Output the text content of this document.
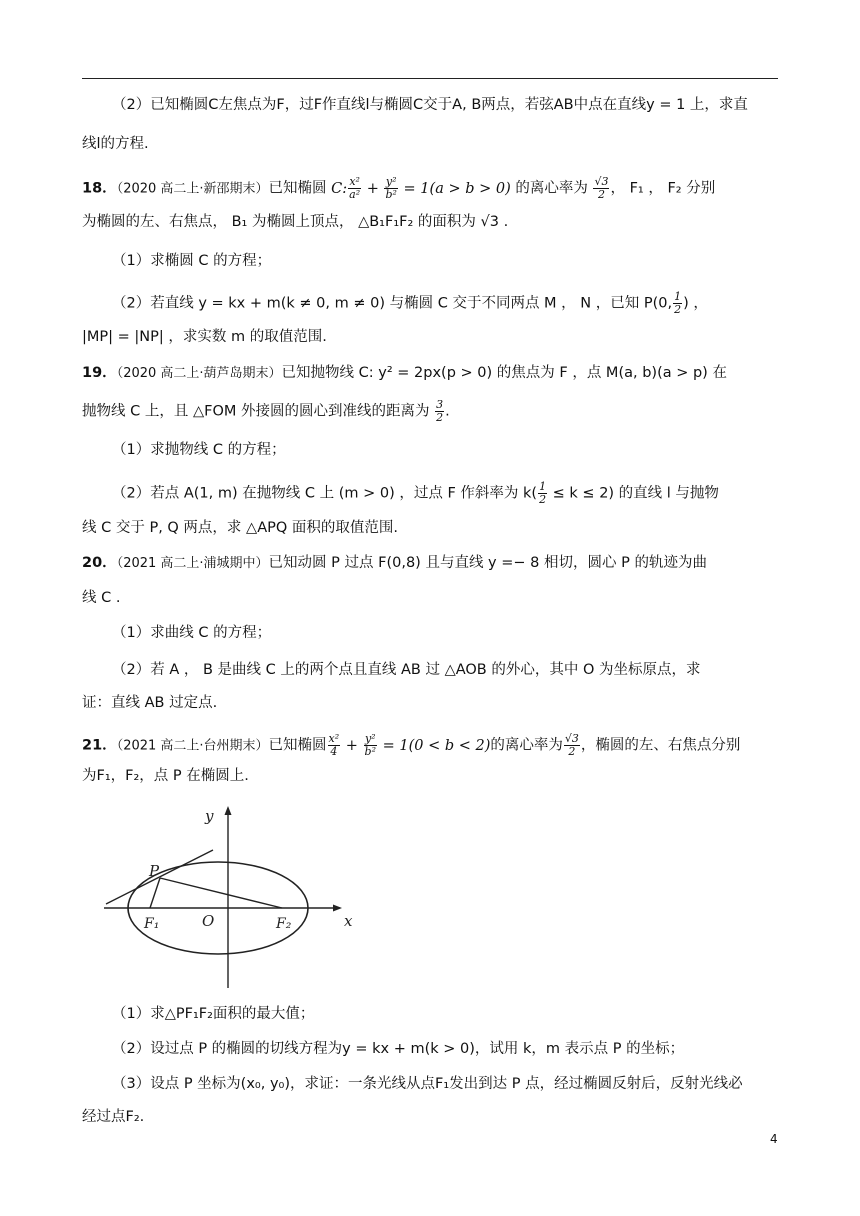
（2）已知椭圆C左焦点为F，过F作直线l与椭圆C交于A, B两点，若弦AB中点在直线y = 1 上，求直
线l的方程.
18．（2020 高二上·新邵期末）已知椭圆 C: $\frac{\text{x²}}{\text{a²}} + \frac{\text{y²}}{\text{b²}} = 1(a > b > 0)$ 的离心率为 $\frac{√3}{2}$ ， F₁ ， F₂ 分别
为椭圆的左、右焦点， B₁ 为椭圆上顶点， △B₁F₁F₂ 的面积为 √3 .
（1）求椭圆 C 的方程；
（2）若直线 y = kx + m(k ≠ 0, m ≠ 0) 与椭圆 C 交于不同两点 M ， N ，已知 P(0, $\frac{1}{2}$ ) ，
|MP| = |NP| ，求实数 m 的取值范围.
19．（2020 高二上·葫芦岛期末）已知抛物线 C: y² = 2px(p > 0) 的焦点为 F ，点 M(a, b)(a > p) 在
抛物线 C 上，且 △FOM 外接圆的圆心到准线的距离为 $\frac{3}{2}$ .
（1）求抛物线 C 的方程；
（2）若点 A(1, m) 在抛物线 C 上 (m > 0) ，过点 F 作斜率为 $k( \frac{1}{2} \le k \le 2)$ 的直线 l 与抛物
线 C 交于 P, Q 两点，求 △APQ 面积的取值范围.
20．（2021 高二上·浦城期中）已知动圆 P 过点 F(0,8) 且与直线 y =− 8 相切，圆心 P 的轨迹为曲
线 C .
（1）求曲线 C 的方程；
（2）若 A ， B 是曲线 C 上的两个点且直线 AB 过 △AOB 的外心，其中 O 为坐标原点，求
证：直线 AB 过定点.
21．（2021 高二上·台州期末）已知椭圆 $\frac{\text{x²}}{4} + \frac{\text{y²}}{\text{b²}} = 1(0 < b < 2)$的离心率为 $\frac{√3}{2}$ ，椭圆的左、右焦点分别
为F₁，F₂，点 P 在椭圆上.
y
x
P
O
F₁	F₂
（1）求△PF₁F₂面积的最大值；
（2）设过点 P 的椭圆的切线方程为y = kx + m(k > 0)，试用 k，m 表示点 P 的坐标；
（3）设点 P 坐标为(x₀, y₀)，求证：一条光线从点F₁发出到达 P 点，经过椭圆反射后，反射光线必
经过点F₂.
4
